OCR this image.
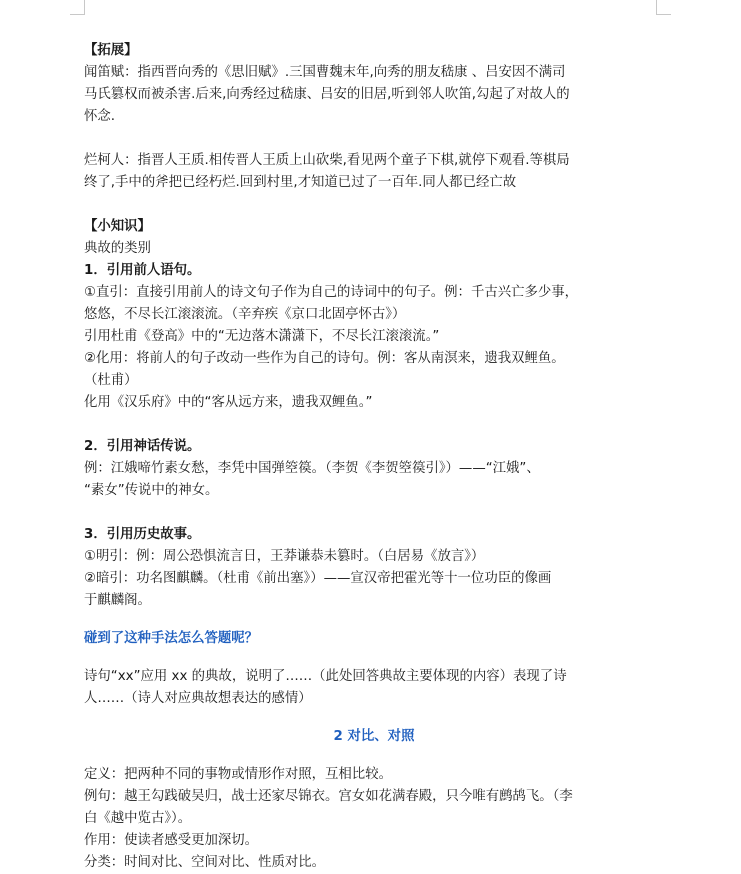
【拓展】
闻笛赋：指西晋向秀的《思旧赋》.三国曹魏末年,向秀的朋友嵇康 、吕安因不满司
马氏篡权而被杀害.后来,向秀经过嵇康、吕安的旧居,听到邻人吹笛,勾起了对故人的
怀念.
烂柯人：指晋人王质.相传晋人王质上山砍柴,看见两个童子下棋,就停下观看.等棋局
终了,手中的斧把已经朽烂.回到村里,才知道已过了一百年.同人都已经亡故
【小知识】
典故的类别
1．引用前人语句。
①直引：直接引用前人的诗文句子作为自己的诗词中的句子。例：千古兴亡多少事，
悠悠，不尽长江滚滚流。（辛弃疾《京口北固亭怀古》）
引用杜甫《登高》中的“无边落木潇潇下，不尽长江滚滚流。”
②化用：将前人的句子改动一些作为自己的诗句。例：客从南溟来，遗我双鲤鱼。
（杜甫）
化用《汉乐府》中的“客从远方来，遗我双鲤鱼。”
2．引用神话传说。
例：江娥啼竹素女愁，李凭中国弹箜篌。（李贺《李贺箜篌引》）——“江娥”、
“素女”传说中的神女。
3．引用历史故事。
①明引：例：周公恐惧流言日，王莽谦恭未篡时。（白居易《放言》）
②暗引：功名图麒麟。（杜甫《前出塞》）——宣汉帝把霍光等十一位功臣的像画
于麒麟阁。
碰到了这种手法怎么答题呢？
诗句“xx”应用 xx 的典故，说明了……（此处回答典故主要体现的内容）表现了诗
人……（诗人对应典故想表达的感情）
2 对比、对照
定义：把两种不同的事物或情形作对照，互相比较。
例句：越王勾践破吴归，战士还家尽锦衣。宫女如花满春殿，只今唯有鹧鸪飞。（李
白《越中览古》）。
作用：使读者感受更加深切。
分类：时间对比、空间对比、性质对比。
